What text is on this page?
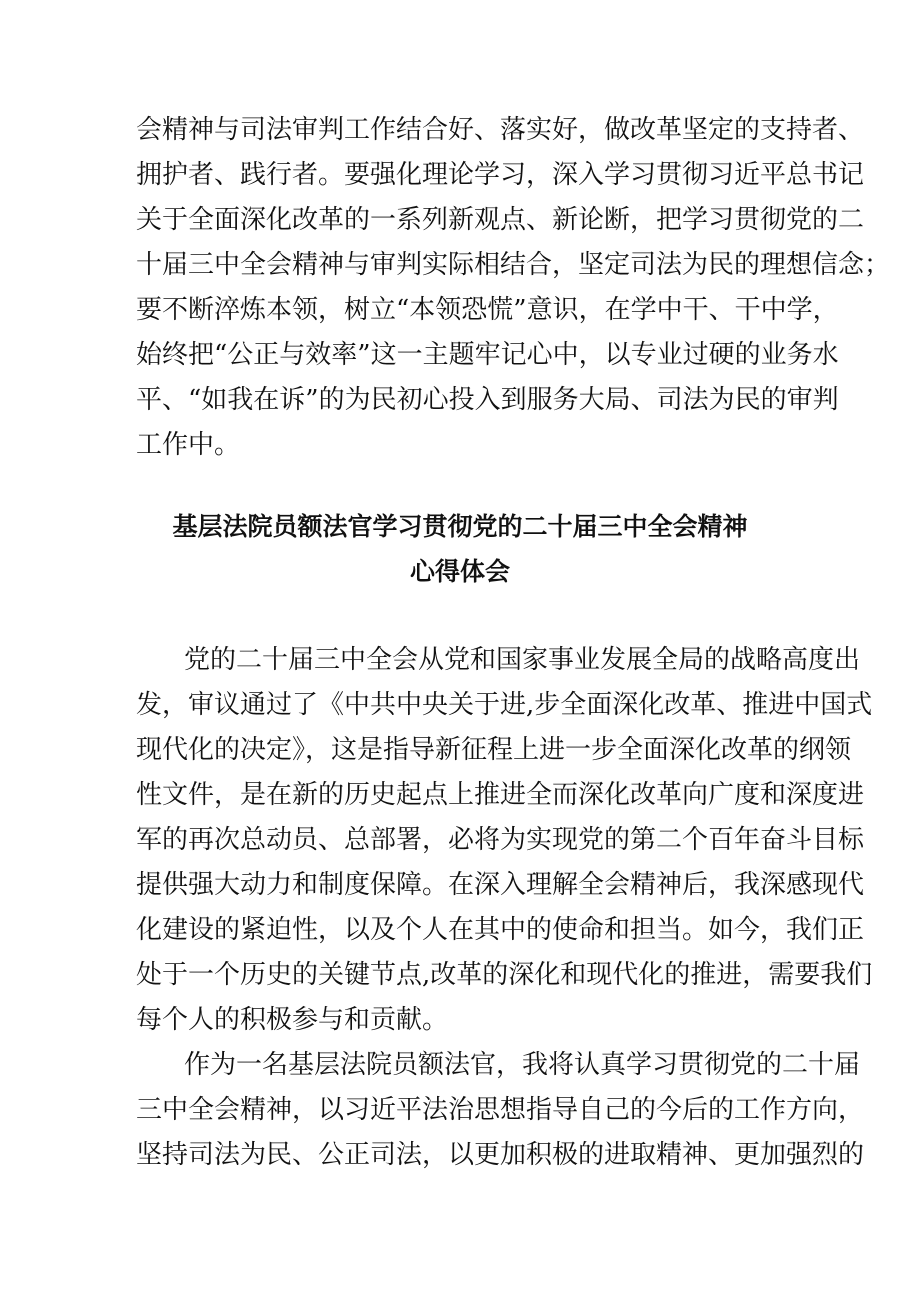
会精神与司法审判工作结合好、落实好，做改革坚定的支持者、
拥护者、践行者。要强化理论学习，深入学习贯彻习近平总书记
关于全面深化改革的一系列新观点、新论断，把学习贯彻党的二
十届三中全会精神与审判实际相结合，坚定司法为民的理想信念；
要不断淬炼本领，树立“本领恐慌”意识，在学中干、干中学，
始终把“公正与效率”这一主题牢记心中，以专业过硬的业务水
平、“如我在诉”的为民初心投入到服务大局、司法为民的审判
工作中。
基层法院员额法官学习贯彻党的二十届三中全会精神
心得体会
党的二十届三中全会从党和国家事业发展全局的战略高度出
发，审议通过了《中共中央关于进,步全面深化改革、推进中国式
现代化的决定》，这是指导新征程上进一步全面深化改革的纲领
性文件，是在新的历史起点上推进全而深化改革向广度和深度进
军的再次总动员、总部署，必将为实现党的第二个百年奋斗目标
提供强大动力和制度保障。在深入理解全会精神后，我深感现代
化建设的紧迫性，以及个人在其中的使命和担当。如今，我们正
处于一个历史的关键节点,改革的深化和现代化的推进，需要我们
每个人的积极参与和贡献。
作为一名基层法院员额法官，我将认真学习贯彻党的二十届
三中全会精神，以习近平法治思想指导自己的今后的工作方向，
坚持司法为民、公正司法，以更加积极的进取精神、更加强烈的
